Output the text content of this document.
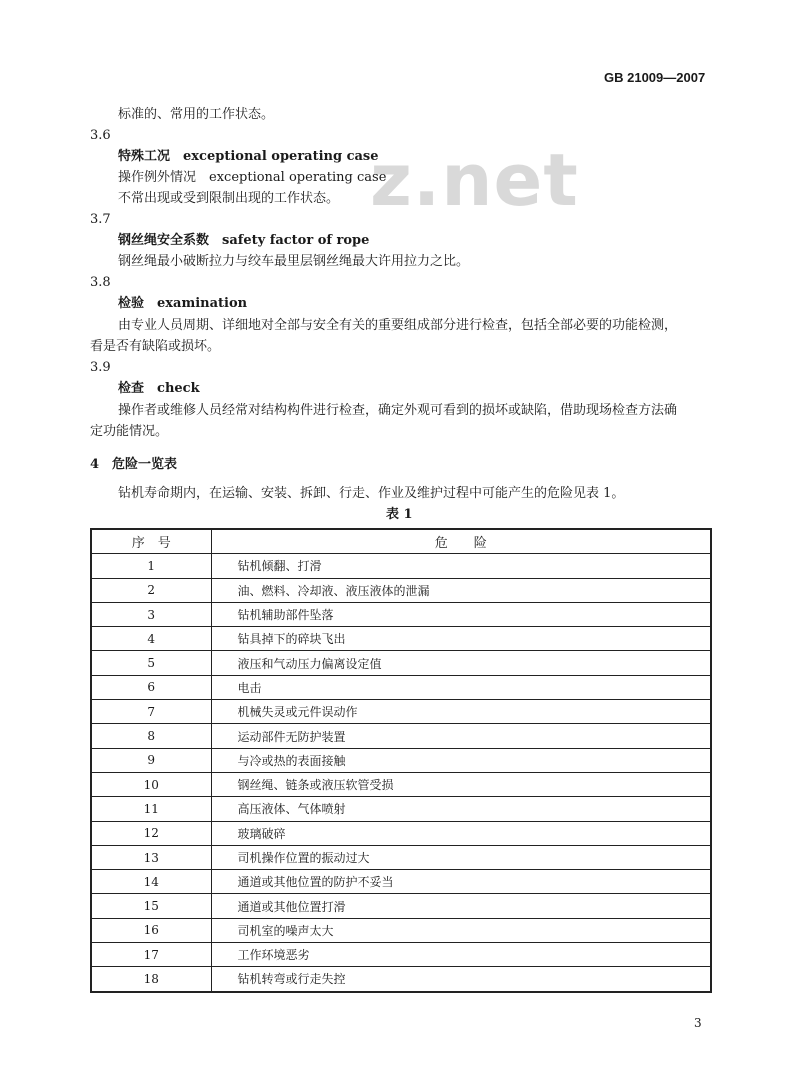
z.net
GB 21009—2007
标准的、常用的工作状态。
3.6
特殊工况　 exceptional operating case
操作例外情况　 exceptional operating case
不常出现或受到限制出现的工作状态。
3.7
钢丝绳安全系数　 safety factor of rope
钢丝绳最小破断拉力与绞车最里层钢丝绳最大许用拉力之比。
3.8
检验　 examination
由专业人员周期、详细地对全部与安全有关的重要组成部分进行检查，包括全部必要的功能检测，
看是否有缺陷或损坏。
3.9
检查　 check
操作者或维修人员经常对结构构件进行检查，确定外观可看到的损坏或缺陷，借助现场检查方法确
定功能情况。
4　危险一览表
钻机寿命期内，在运输、安装、拆卸、行走、作业及维护过程中可能产生的危险见表 1。
表 1
序　号	危　　险
1	钻机倾翻、打滑
2	油、燃料、冷却液、液压液体的泄漏
3	钻机辅助部件坠落
4	钻具掉下的碎块飞出
5	液压和气动压力偏离设定值
6	电击
7	机械失灵或元件误动作
8	运动部件无防护装置
9	与冷或热的表面接触
10	钢丝绳、链条或液压软管受损
11	高压液体、气体喷射
12	玻璃破碎
13	司机操作位置的振动过大
14	通道或其他位置的防护不妥当
15	通道或其他位置打滑
16	司机室的噪声太大
17	工作环境恶劣
18	钻机转弯或行走失控
3
